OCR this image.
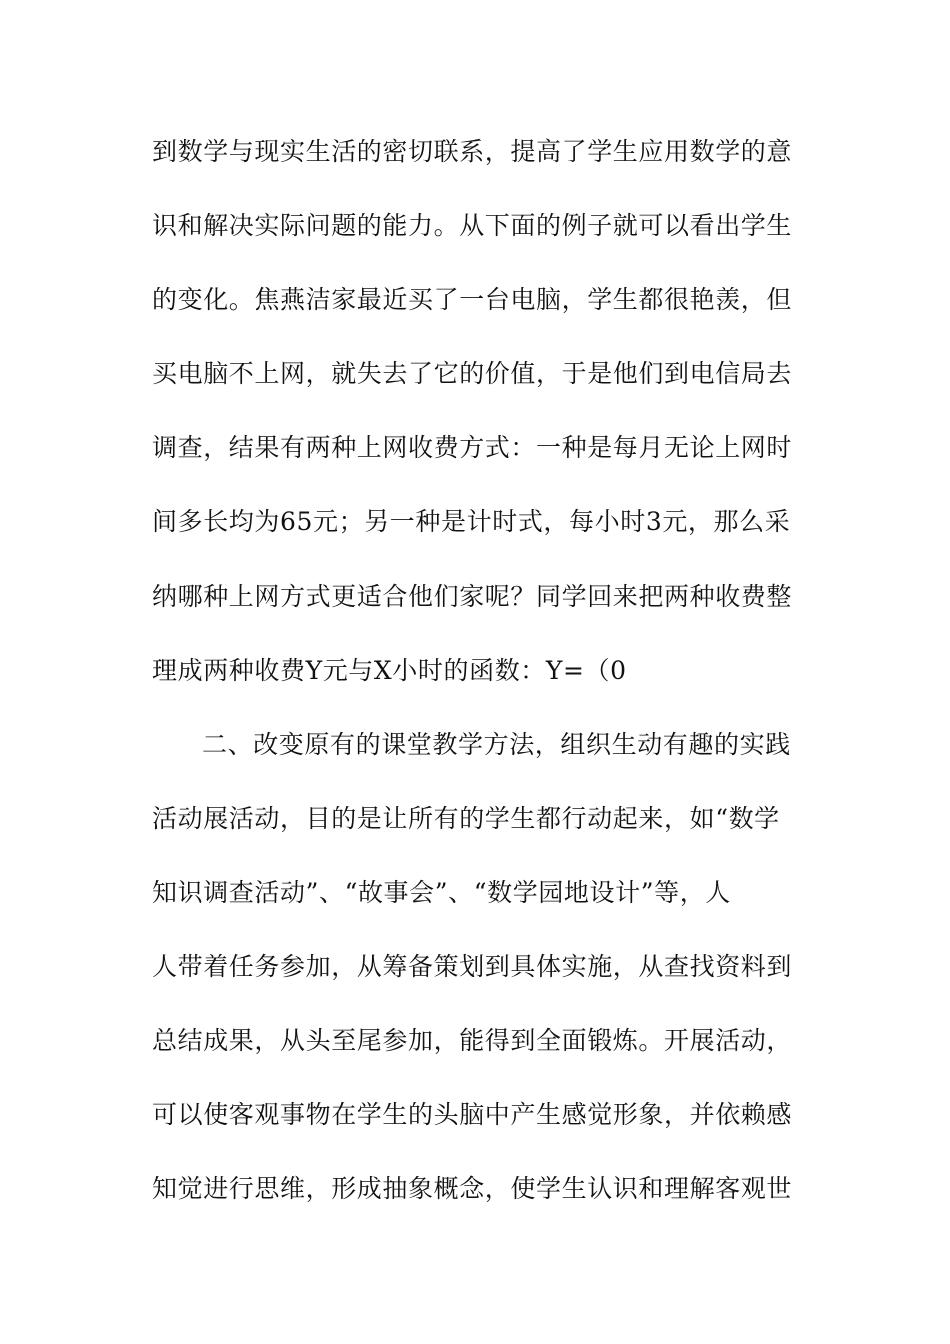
到数学与现实生活的密切联系，提高了学生应用数学的意
识和解决实际问题的能力。从下面的例子就可以看出学生
的变化。焦燕洁家最近买了一台电脑，学生都很艳羡，但
买电脑不上网，就失去了它的价值，于是他们到电信局去
调查，结果有两种上网收费方式：一种是每月无论上网时
间多长均为65元；另一种是计时式，每小时3元，那么采
纳哪种上网方式更适合他们家呢？同学回来把两种收费整
理成两种收费Y元与X小时的函数：Y=（0
二、改变原有的课堂教学方法，组织生动有趣的实践
活动展活动，目的是让所有的学生都行动起来，如“数学
知识调查活动”、“故事会”、“数学园地设计”等，人
人带着任务参加，从筹备策划到具体实施，从查找资料到
总结成果，从头至尾参加，能得到全面锻炼。开展活动，
可以使客观事物在学生的头脑中产生感觉形象，并依赖感
知觉进行思维，形成抽象概念，使学生认识和理解客观世
